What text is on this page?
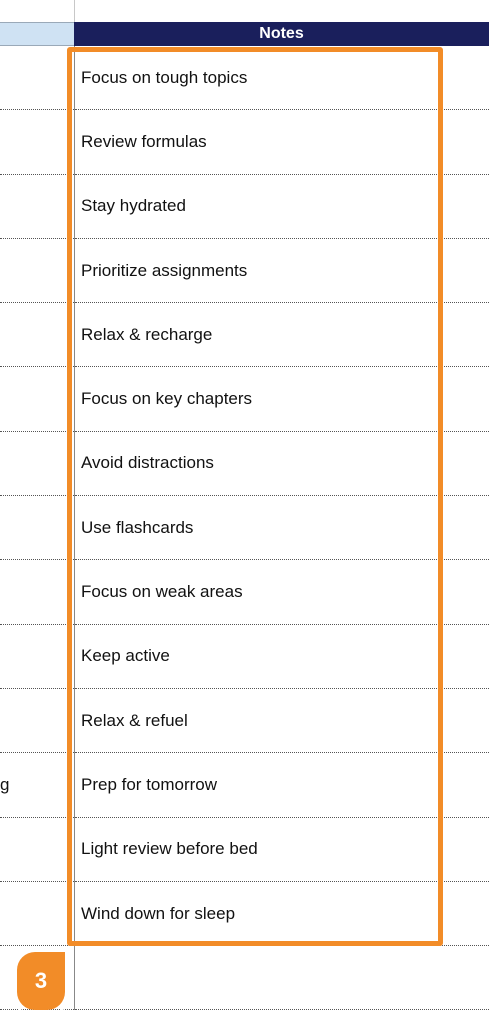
Notes
g
Focus on tough topics
Review formulas
Stay hydrated
Prioritize assignments
Relax & recharge
Focus on key chapters
Avoid distractions
Use flashcards
Focus on weak areas
Keep active
Relax & refuel
Prep for tomorrow
Light review before bed
Wind down for sleep
3
